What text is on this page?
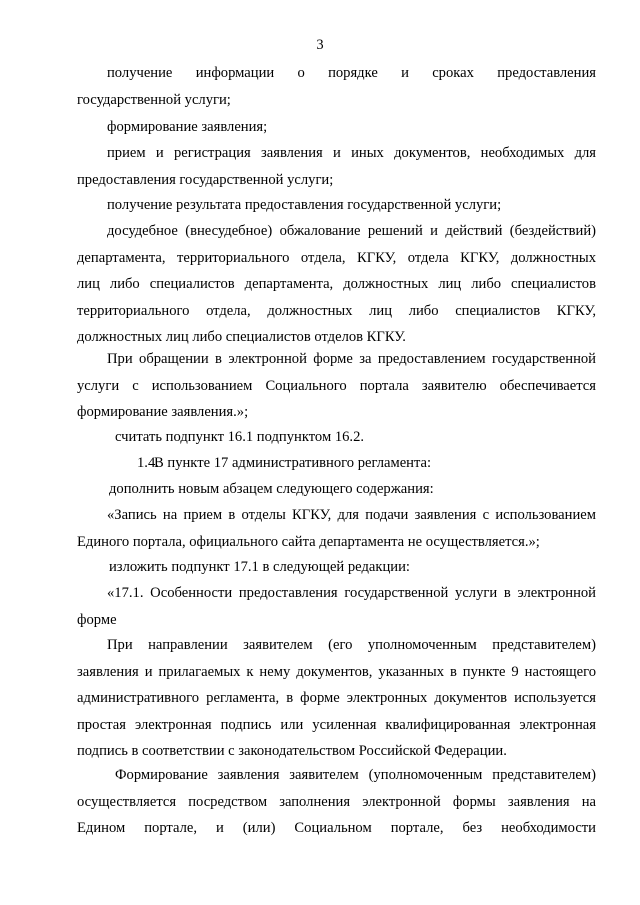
3
получение информации о порядке и сроках предоставления
государственной услуги;
формирование заявления;
прием и регистрация заявления и иных документов, необходимых для
предоставления государственной услуги;
получение результата предоставления государственной услуги;
досудебное (внесудебное) обжалование решений и действий (бездействий)
департамента, территориального отдела, КГКУ, отдела КГКУ, должностных
лиц либо специалистов департамента, должностных лиц либо специалистов
территориального отдела, должностных лиц либо специалистов КГКУ,
должностных лиц либо специалистов отделов КГКУ.
При обращении в электронной форме за предоставлением государственной
услуги с использованием Социального портала заявителю обеспечивается
формирование заявления.»;
считать подпункт 16.1 подпунктом 16.2.
1.4.В пункте 17 административного регламента:
дополнить новым абзацем следующего содержания:
«Запись на прием в отделы КГКУ, для подачи заявления с использованием
Единого портала, официального сайта департамента не осуществляется.»;
изложить подпункт 17.1 в следующей редакции:
«17.1. Особенности предоставления государственной услуги в электронной
форме
При направлении заявителем (его уполномоченным представителем)
заявления и прилагаемых к нему документов, указанных в пункте 9 настоящего
административного регламента, в форме электронных документов используется
простая электронная подпись или усиленная квалифицированная электронная
подпись в соответствии с законодательством Российской Федерации.
Формирование заявления заявителем (уполномоченным представителем)
осуществляется посредством заполнения электронной формы заявления на
Едином портале, и (или) Социальном портале, без необходимости
